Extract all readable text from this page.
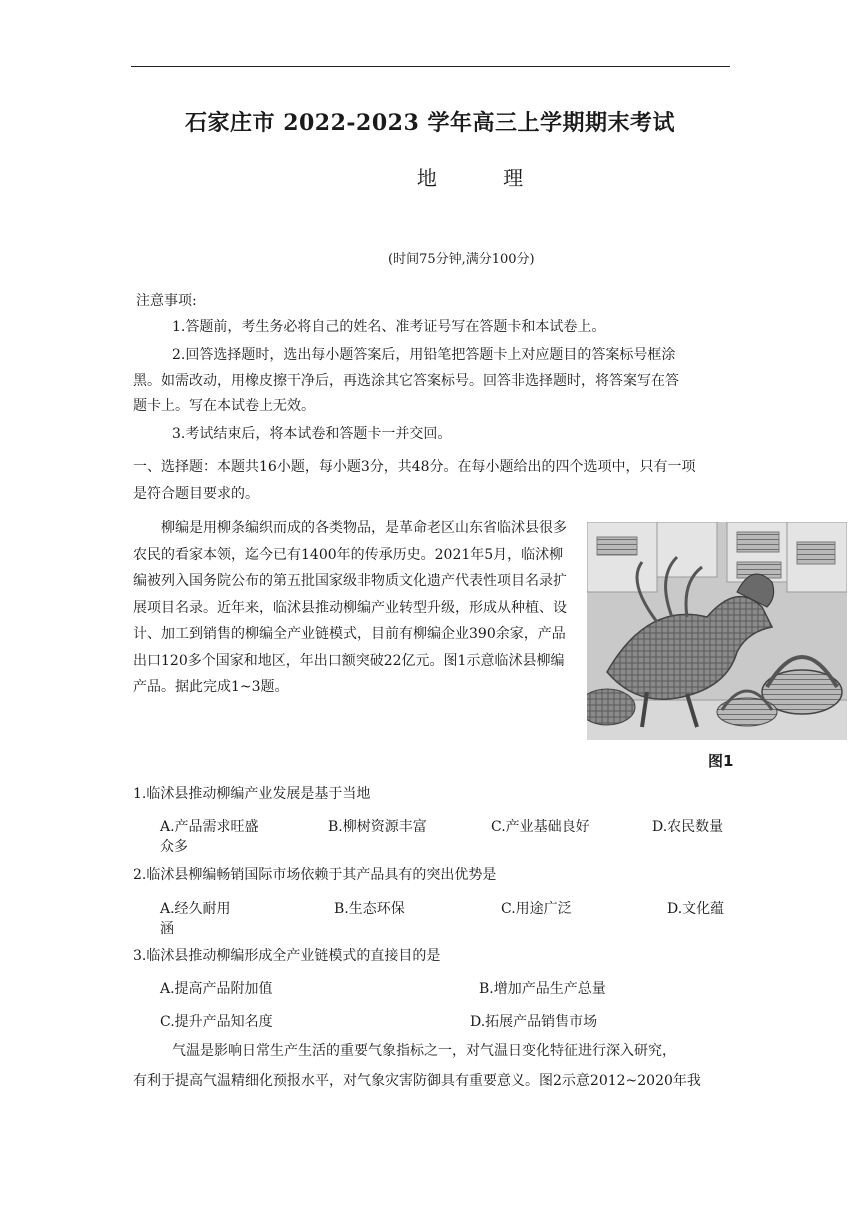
石家庄市 2022-2023 学年高三上学期期末考试
地 理
(时间75分钟,满分100分)
注意事项:
1.答题前，考生务必将自己的姓名、准考证号写在答题卡和本试卷上。
2.回答选择题时，选出每小题答案后，用铅笔把答题卡上对应题目的答案标号框涂
黑。如需改动，用橡皮擦干净后，再选涂其它答案标号。回答非选择题时，将答案写在答
题卡上。写在本试卷上无效。
3.考试结束后，将本试卷和答题卡一并交回。
一、选择题：本题共16小题，每小题3分，共48分。在每小题给出的四个选项中，只有一项
是符合题目要求的。
柳编是用柳条编织而成的各类物品，是革命老区山东省临沭县很多农民的看家本领，迄今已有1400年的传承历史。2021年5月，临沭柳编被列入国务院公布的第五批国家级非物质文化遗产代表性项目名录扩展项目名录。近年来，临沭县推动柳编产业转型升级，形成从种植、设计、加工到销售的柳编全产业链模式，目前有柳编企业390余家，产品出口120多个国家和地区，年出口额突破22亿元。图1示意临沭县柳编产品。据此完成1~3题。
图1
1.临沭县推动柳编产业发展是基于当地
A.产品需求旺盛	B.柳树资源丰富	C.产业基础良好	D.农民数量
众多
2.临沭县柳编畅销国际市场依赖于其产品具有的突出优势是
A.经久耐用	B.生态环保	C.用途广泛	D.文化蕴
涵
3.临沭县推动柳编形成全产业链模式的直接目的是
A.提高产品附加值	B.增加产品生产总量
C.提升产品知名度	D.拓展产品销售市场
气温是影响日常生产生活的重要气象指标之一，对气温日变化特征进行深入研究，
有利于提高气温精细化预报水平，对气象灾害防御具有重要意义。图2示意2012~2020年我
